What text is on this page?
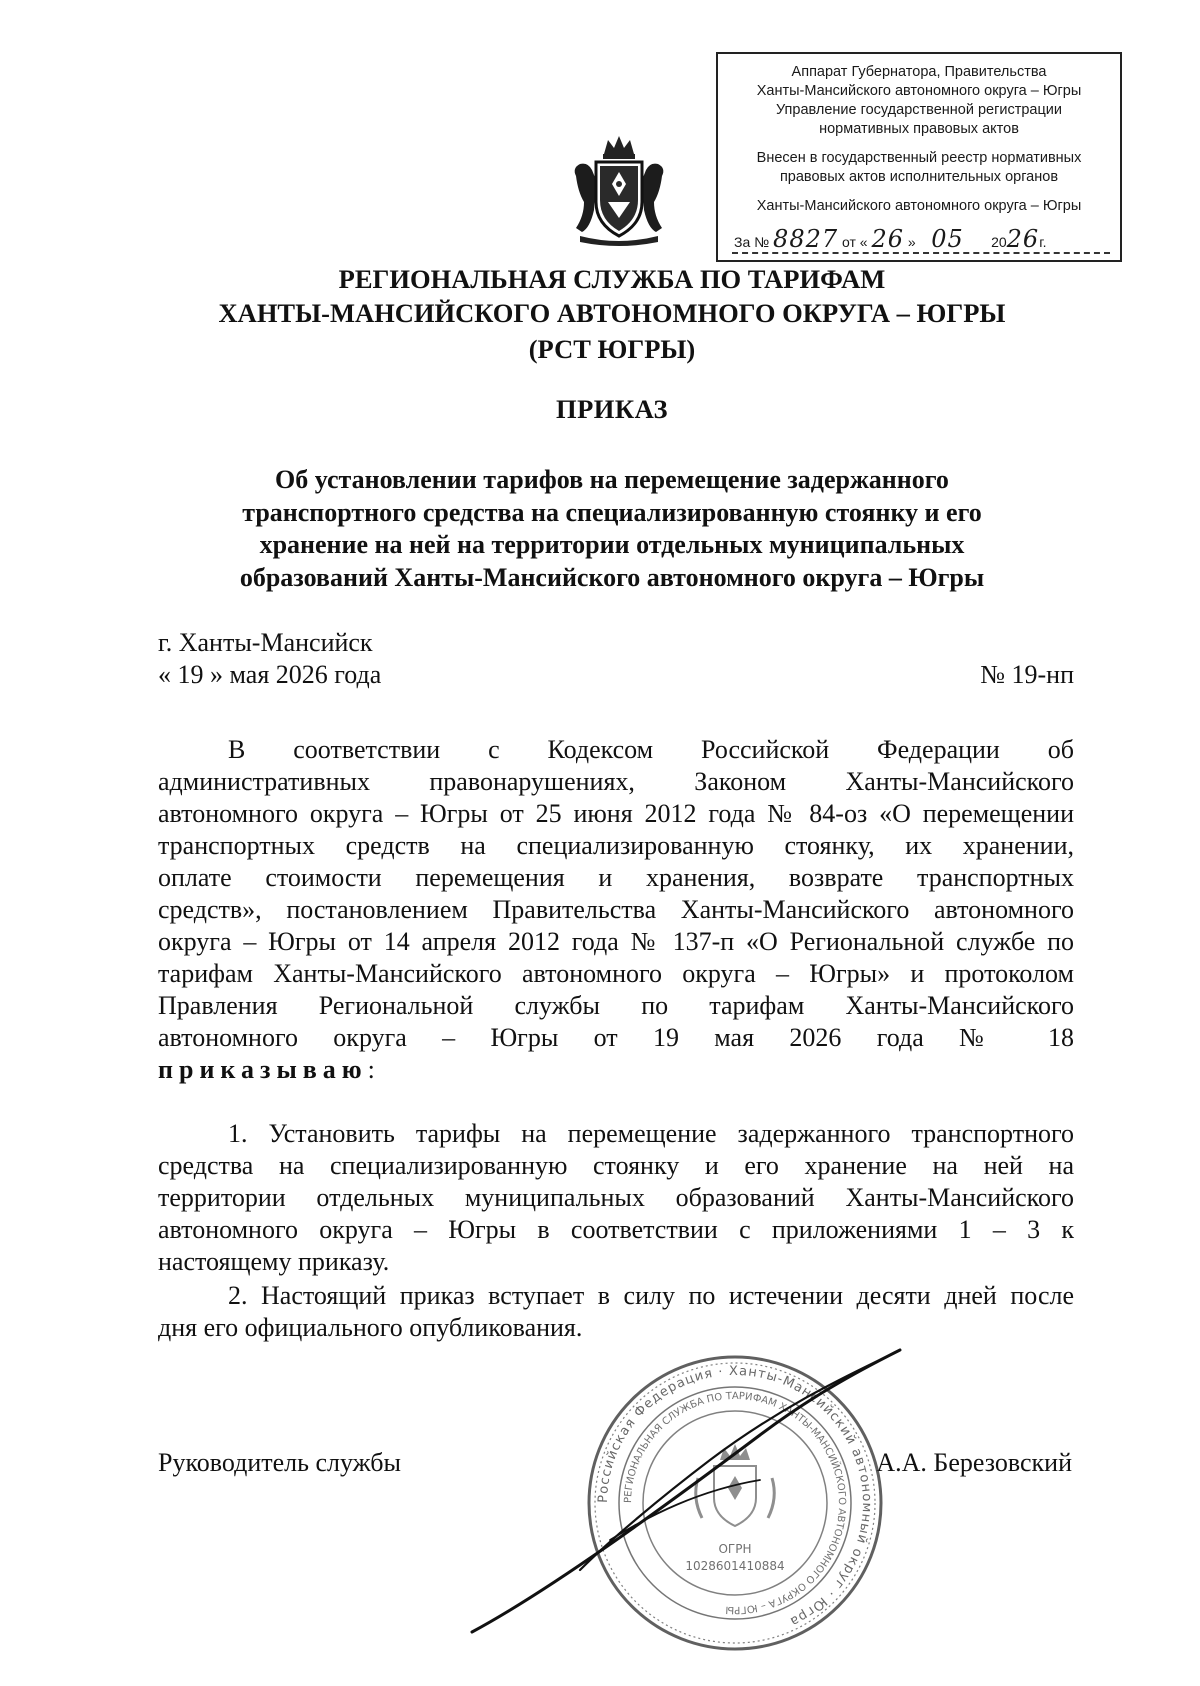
Аппарат Губернатора, Правительства
Ханты-Мансийского автономного округа – Югры
Управление государственной регистрации
нормативных правовых актов
Внесен в государственный реестр нормативных
правовых актов исполнительных органов
Ханты-Мансийского автономного округа – Югры
За № 8827 от « 26 » 05 2026г.
РЕГИОНАЛЬНАЯ СЛУЖБА ПО ТАРИФАМ
ХАНТЫ-МАНСИЙСКОГО АВТОНОМНОГО ОКРУГА – ЮГРЫ
(РСТ ЮГРЫ)
ПРИКАЗ
Об установлении тарифов на перемещение задержанного
транспортного средства на специализированную стоянку и его
хранение на ней на территории отдельных муниципальных
образований Ханты-Мансийского автономного округа – Югры
г. Ханты-Мансийск
« 19 » мая 2026 года	№ 19-нп
В соответствии с Кодексом Российской Федерации об
административных правонарушениях, Законом Ханты-Мансийского
автономного округа – Югры от 25 июня 2012 года № 84-оз «О перемещении
транспортных средств на специализированную стоянку, их хранении,
оплате стоимости перемещения и хранения, возврате транспортных
средств», постановлением Правительства Ханты-Мансийского автономного
округа – Югры от 14 апреля 2012 года № 137-п «О Региональной службе по
тарифам Ханты-Мансийского автономного округа – Югры» и протоколом
Правления Региональной службы по тарифам Ханты-Мансийского
автономного округа – Югры от 19 мая 2026 года № 18
приказываю:
1. Установить тарифы на перемещение задержанного транспортного
средства на специализированную стоянку и его хранение на ней на
территории отдельных муниципальных образований Ханты-Мансийского
автономного округа – Югры в соответствии с приложениями 1 – 3 к
настоящему приказу.
2. Настоящий приказ вступает в силу по истечении десяти дней после
дня его официального опубликования.
Руководитель службы	А.А. Березовский
Российская Федерация · Ханты-Мансийский автономный округ · Югра
РЕГИОНАЛЬНАЯ СЛУЖБА ПО ТАРИФАМ ХАНТЫ-МАНСИЙСКОГО АВТОНОМНОГО ОКРУГА – ЮГРЫ
ОГРН
1028601410884
